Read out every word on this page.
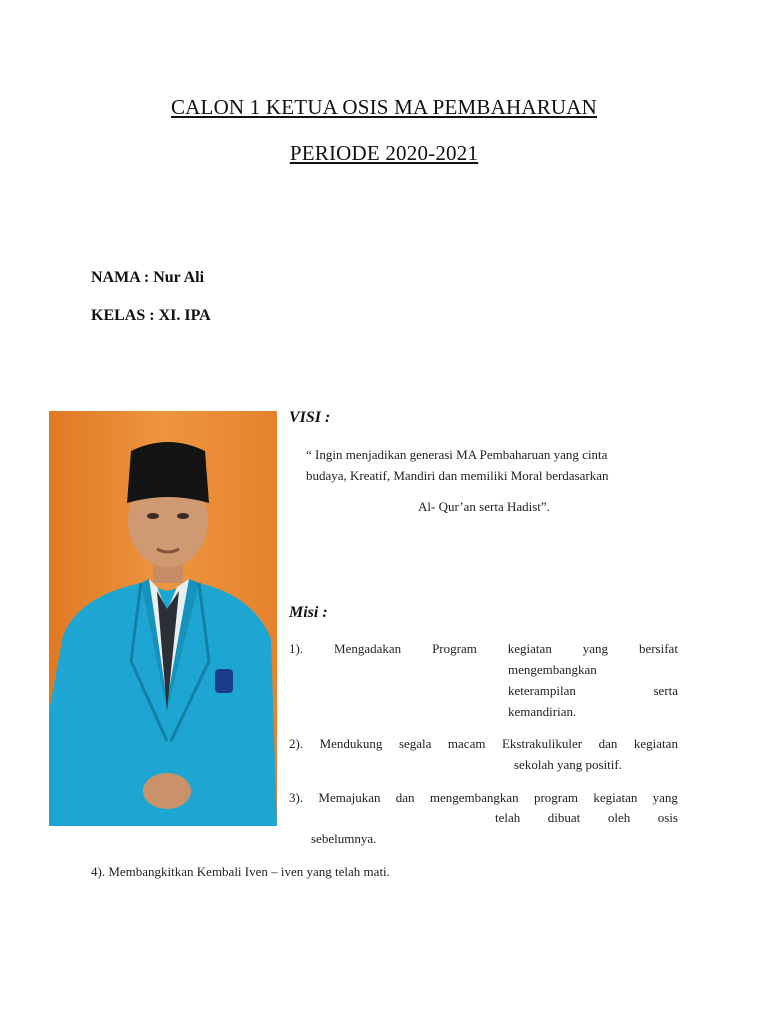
CALON 1 KETUA OSIS MA PEMBAHARUAN
PERIODE 2020-2021
NAMA : Nur Ali
KELAS : XI. IPA
VISI :
“ Ingin menjadikan generasi MA Pembaharuan yang cinta
budaya, Kreatif, Mandiri dan memiliki Moral berdasarkan
Al- Qur’an serta Hadist”.
Misi :
1). Mengadakan Program kegiatan yang bersifat
mengembangkan
keterampilan	serta
kemandirian.
2). Mendukung segala macam Ekstrakulikuler dan kegiatan
sekolah yang positif.
3). Memajukan dan mengembangkan program kegiatan yang
telah dibuat oleh osis
sebelumnya.
4). Membangkitkan Kembali Iven – iven yang telah mati.
